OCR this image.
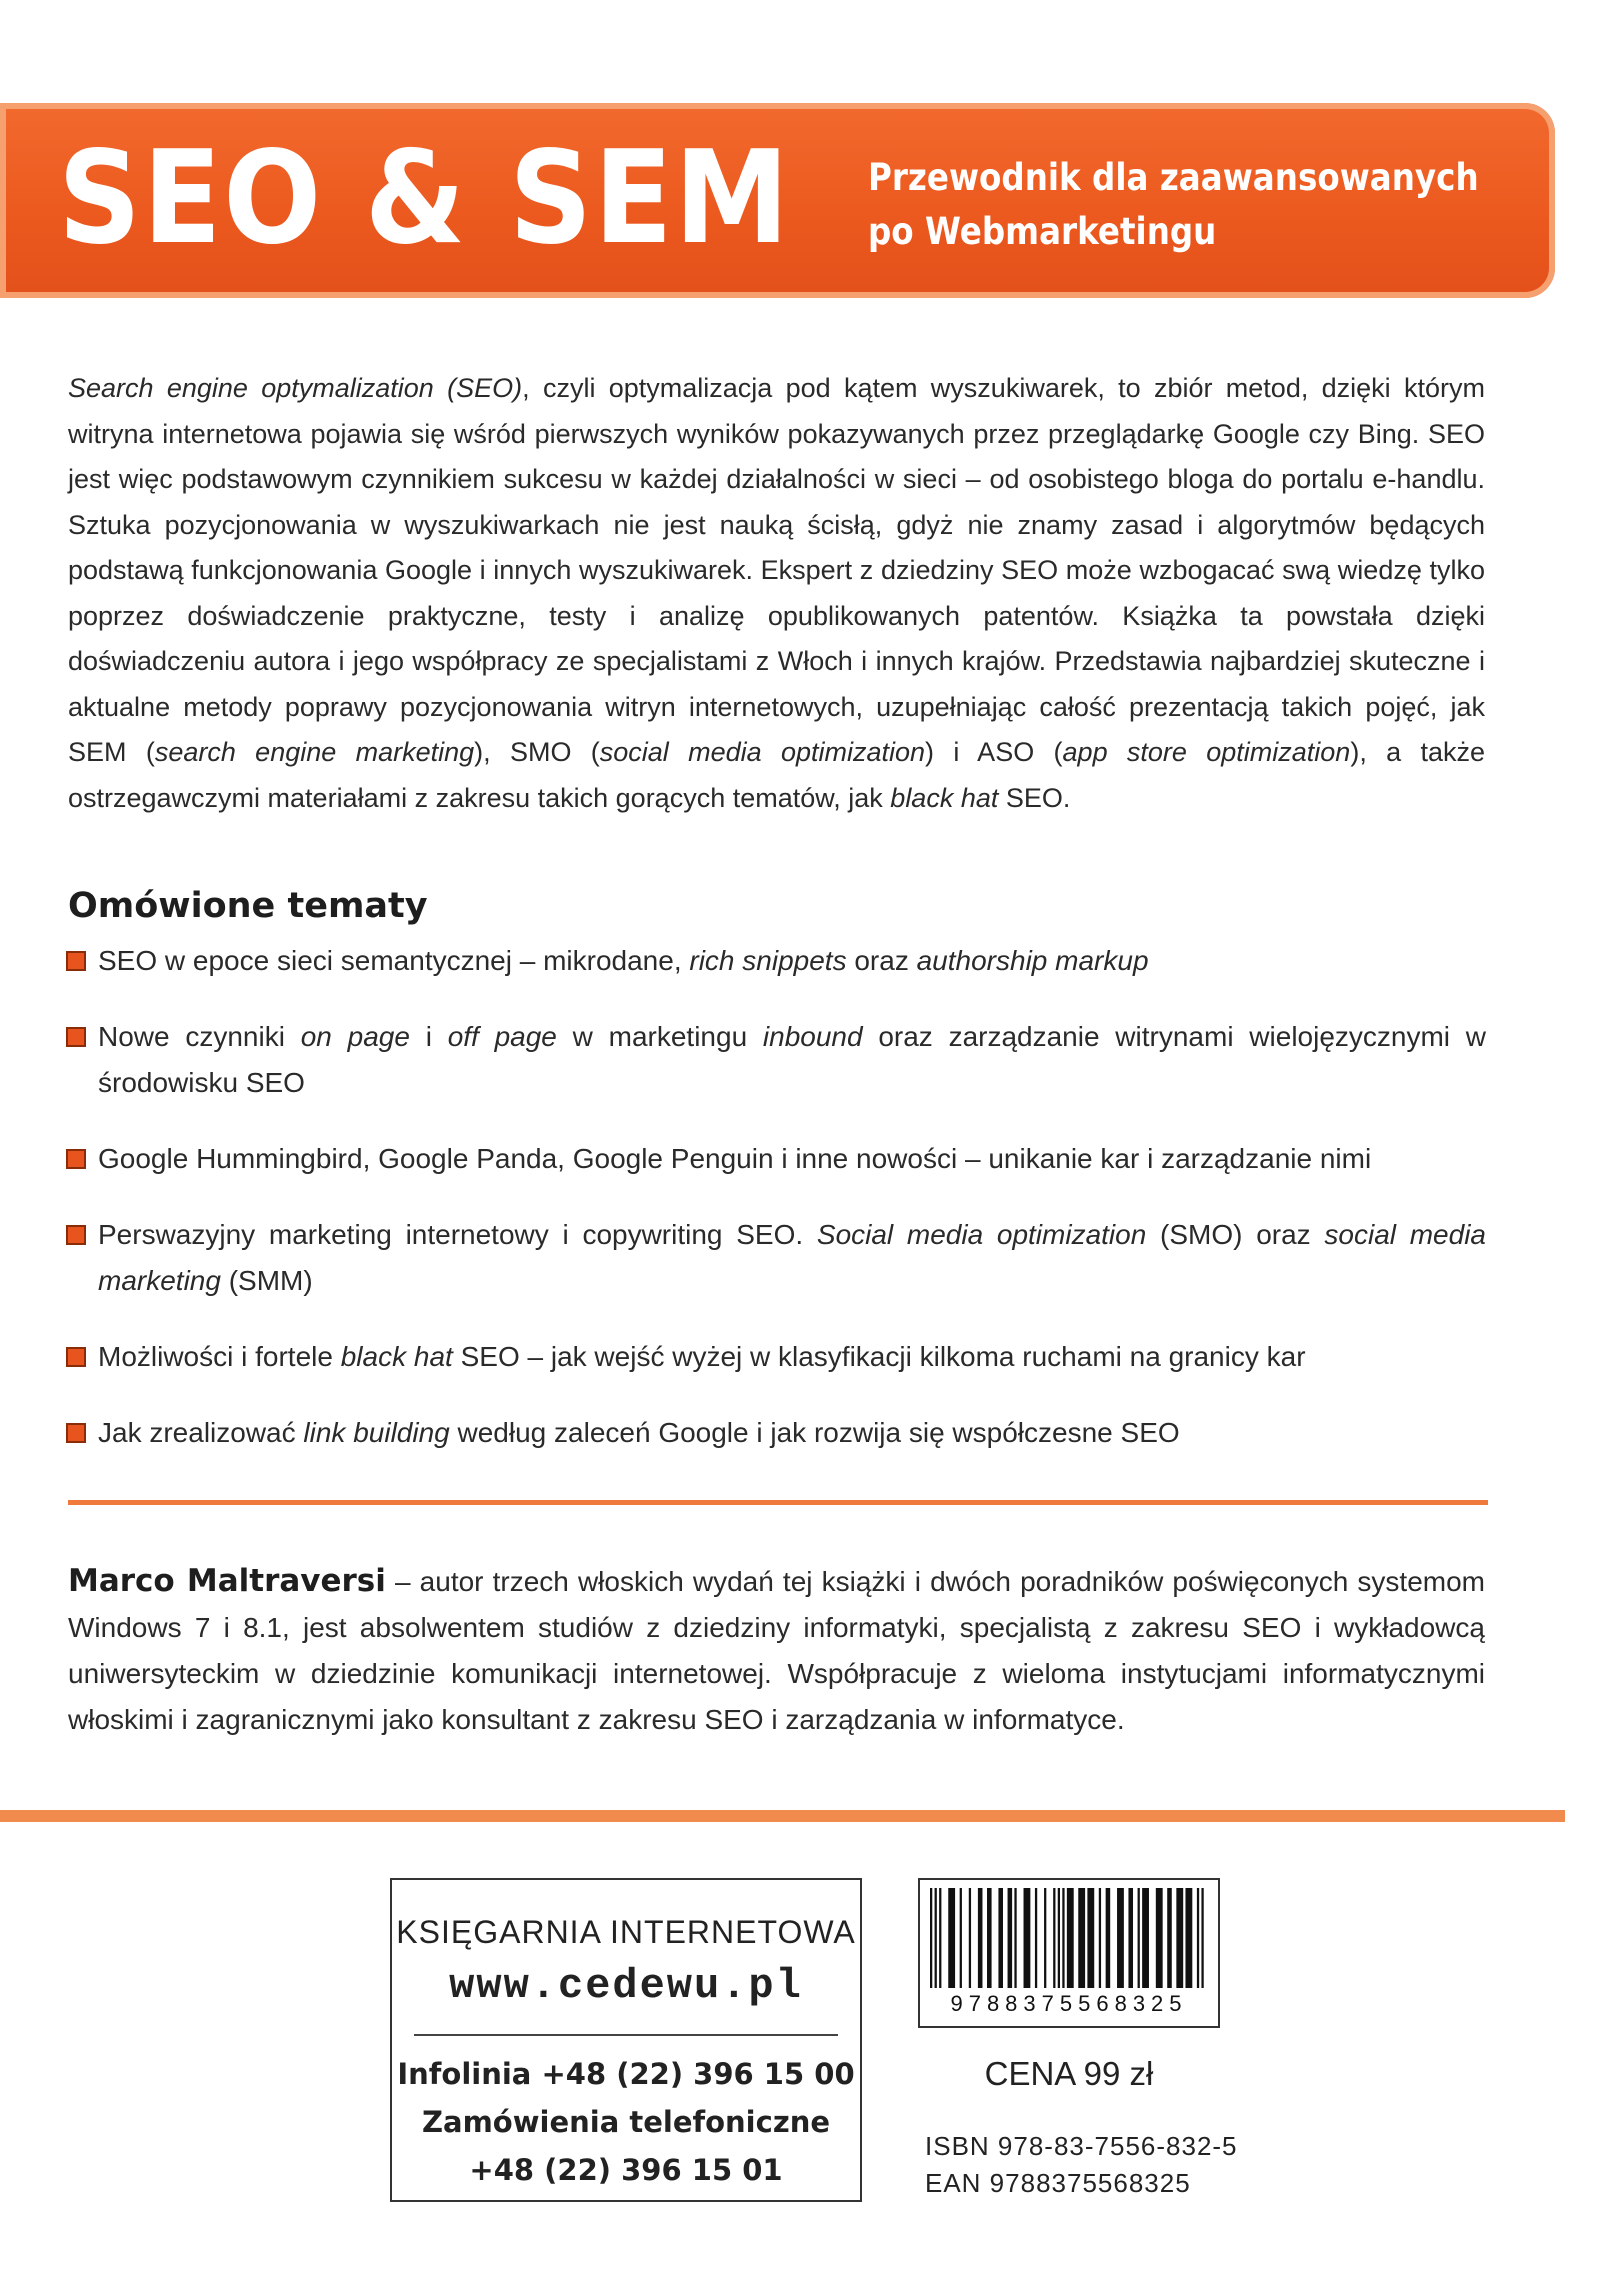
SEO & SEM Przewodnik dla zaawansowanych
po Webmarketingu

Search engine optymalization (SEO), czyli optymalizacja pod kątem wyszukiwarek, to zbiór metod, dzięki którym witryna internetowa pojawia się wśród pierwszych wyników pokazywanych przez przeglądarkę Google czy Bing. SEO jest więc podstawowym czynnikiem sukcesu w każdej działalności w sieci – od osobistego bloga do portalu e-handlu. Sztuka pozycjonowania w wyszukiwarkach nie jest nauką ścisłą, gdyż nie znamy zasad i algorytmów będących podstawą funkcjonowania Google i innych wyszukiwarek. Ekspert z dziedziny SEO może wzbogacać swą wiedzę tylko poprzez doświadczenie praktyczne, testy i analizę opublikowanych patentów. Książka ta powstała dzięki doświadczeniu autora i jego współpracy ze specjalistami z Włoch i innych krajów. Przedstawia najbardziej skuteczne i aktualne metody poprawy pozycjonowania witryn internetowych, uzupełniając całość prezentacją takich pojęć, jak SEM (search engine marketing), SMO (social media optimization) i ASO (app store optimization), a także ostrzegawczymi materiałami z zakresu takich gorących tematów, jak black hat SEO.

Omówione tematy
SEO w epoce sieci semantycznej – mikrodane, rich snippets oraz authorship markup
Nowe czynniki on page i off page w marketingu inbound oraz zarządzanie witrynami wielojęzycznymi w środowisku SEO
Google Hummingbird, Google Panda, Google Penguin i inne nowości – unikanie kar i zarządzanie nimi
Perswazyjny marketing internetowy i copywriting SEO. Social media optimization (SMO) oraz social media marketing (SMM)
Możliwości i fortele black hat SEO – jak wejść wyżej w klasyfikacji kilkoma ruchami na granicy kar
Jak zrealizować link building według zaleceń Google i jak rozwija się współczesne SEO

Marco Maltraversi – autor trzech włoskich wydań tej książki i dwóch poradników poświęconych systemom Windows 7 i 8.1, jest absolwentem studiów z dziedziny informatyki, specjalistą z zakresu SEO i wykładowcą uniwersyteckim w dziedzinie komunikacji internetowej. Współpracuje z wieloma instytucjami informatycznymi włoskimi i zagranicznymi jako konsultant z zakresu SEO i zarządzania w informatyce.

KSIĘGARNIA INTERNETOWA
www.cedewu.pl
Infolinia +48 (22) 396 15 00
Zamówienia telefoniczne
+48 (22) 396 15 01
9788375568325
CENA 99 zł
ISBN 978-83-7556-832-5
EAN 9788375568325
